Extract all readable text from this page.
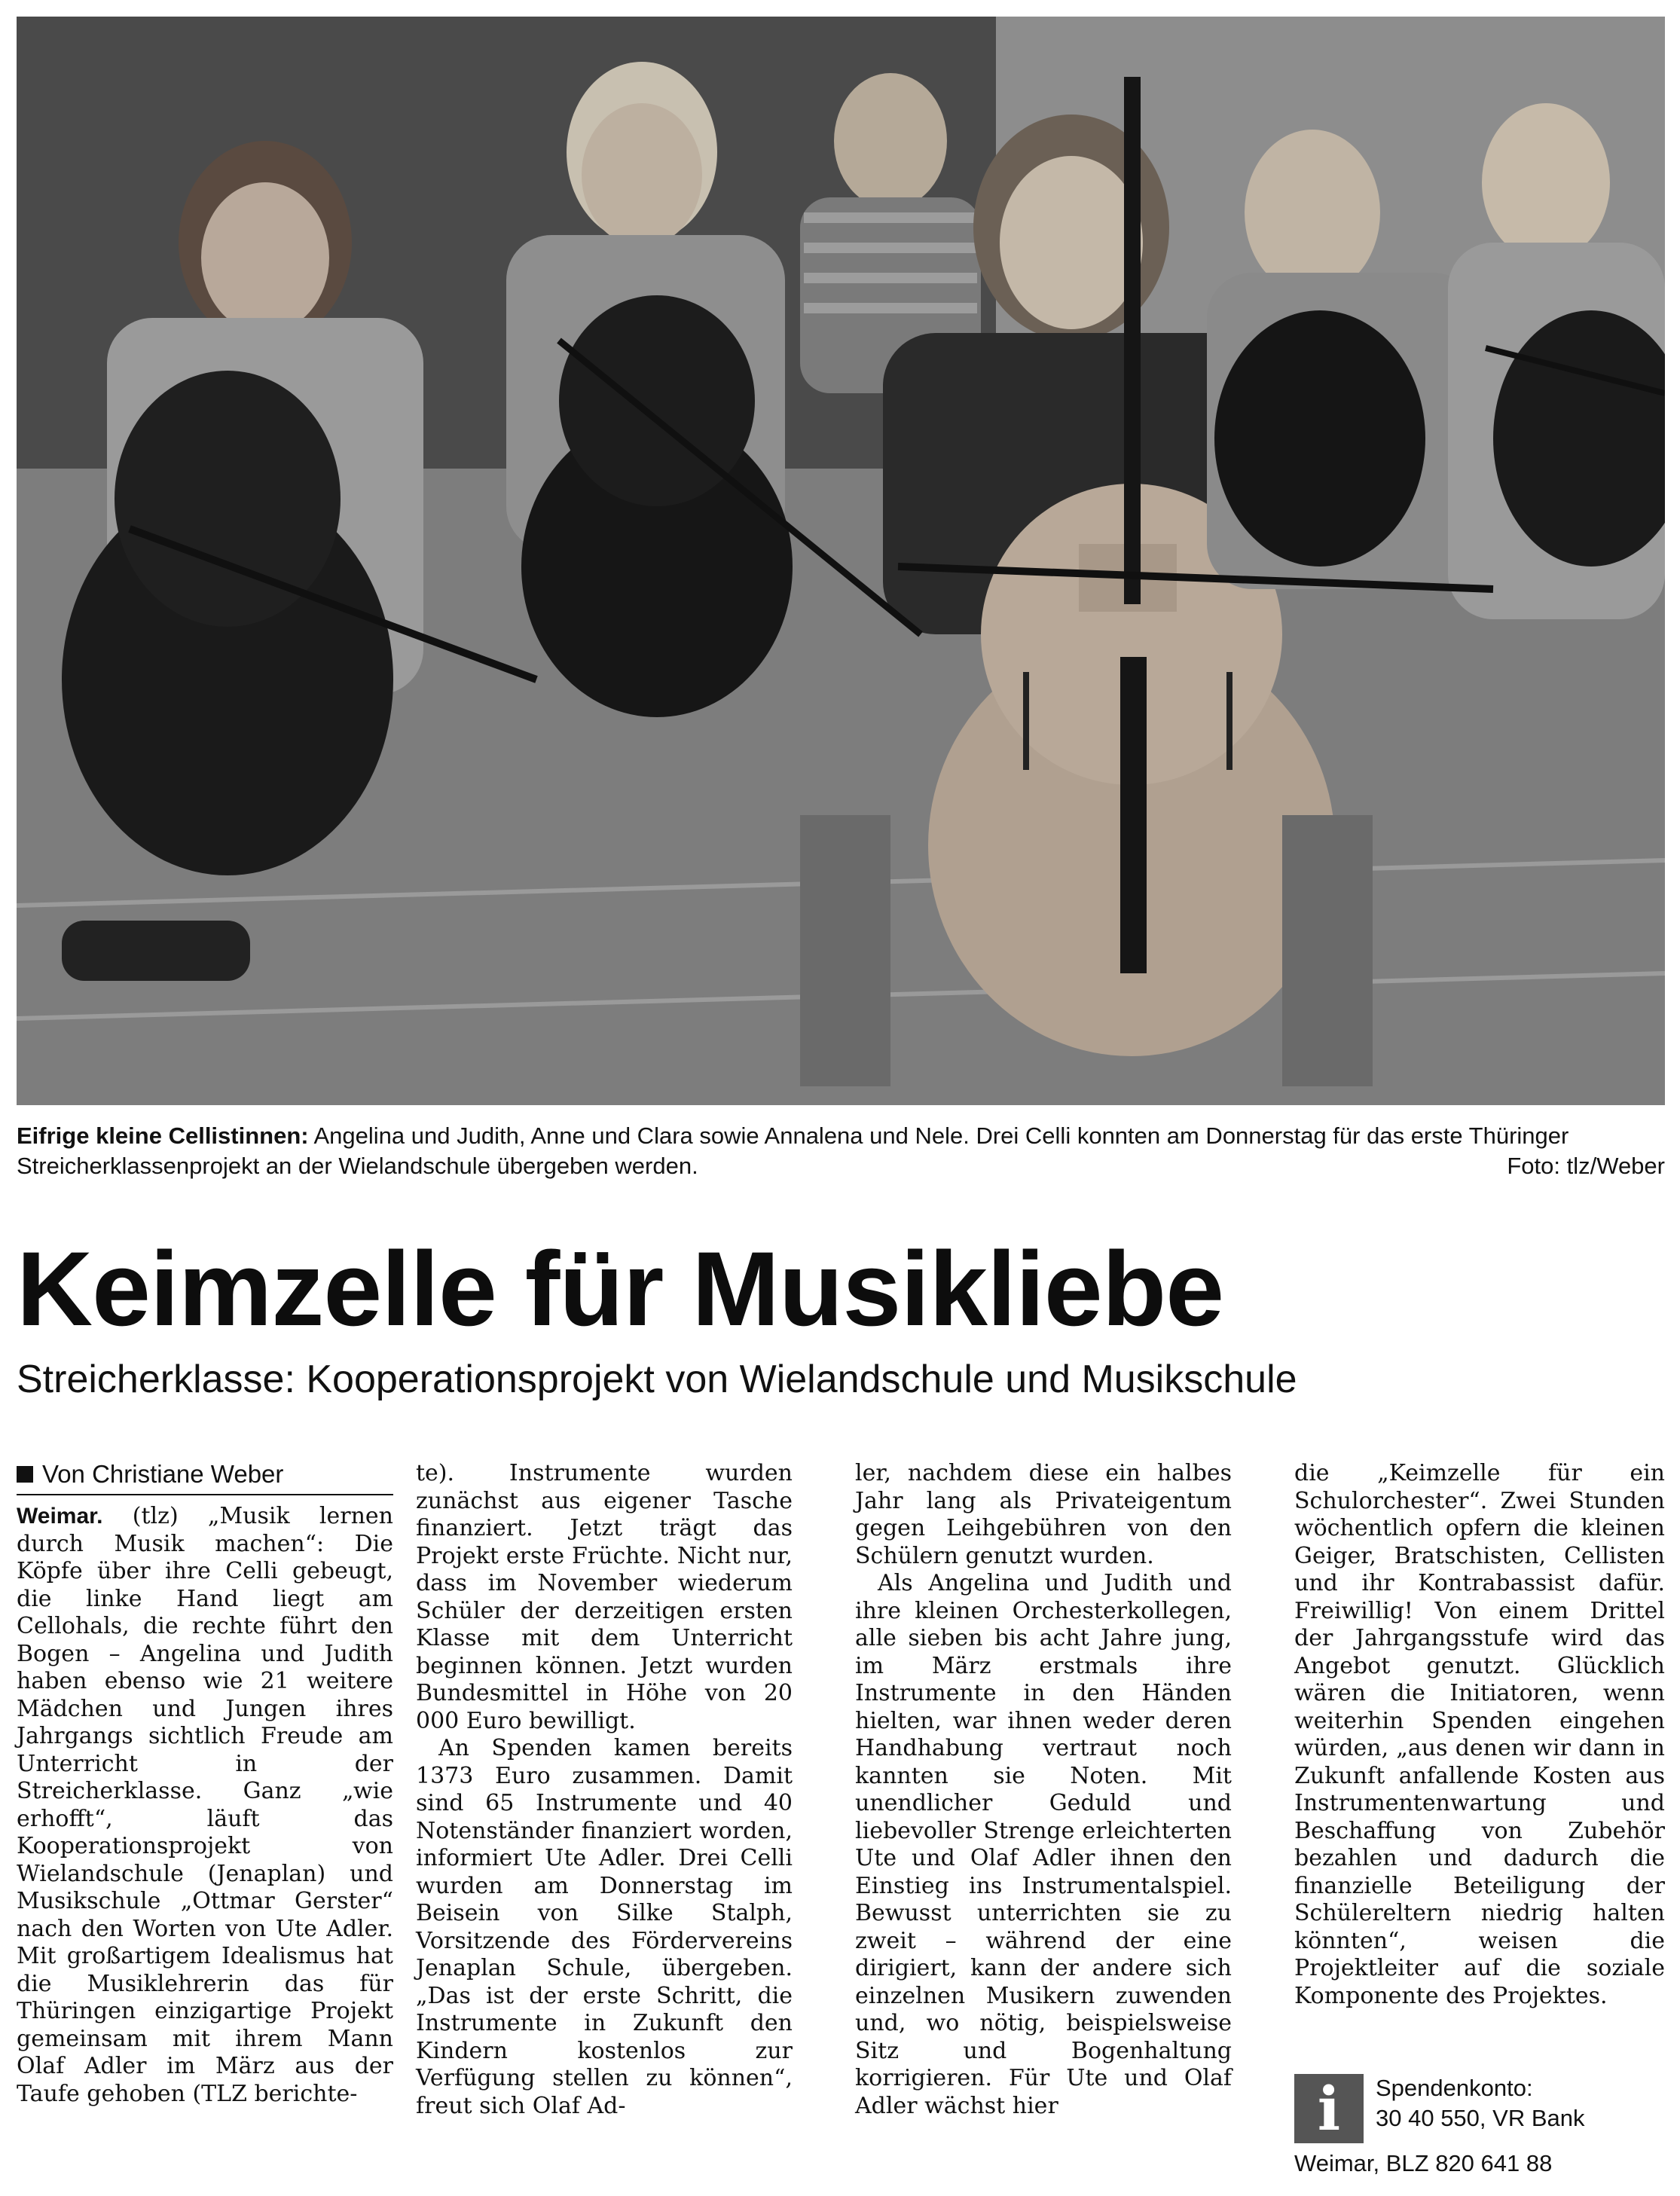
Eifrige kleine Cellistinnen: Angelina und Judith, Anne und Clara sowie Annalena und Nele. Drei Celli konnten am Donnerstag für das erste Thüringer Streicherklassenprojekt an der Wielandschule übergeben werden.	Foto: tlz/Weber
Keimzelle für Musikliebe
Streicherklasse: Kooperationsprojekt von Wielandschule und Musikschule
Von Christiane Weber

Weimar. (tlz) „Musik lernen durch Musik machen“: Die Köpfe über ihre Celli gebeugt, die linke Hand liegt am Cellohals, die rechte führt den Bogen – Angelina und Judith haben ebenso wie 21 weitere Mädchen und Jungen ihres Jahrgangs sichtlich Freude am Unterricht in der Streicherklasse. Ganz „wie erhofft“, läuft das Kooperationsprojekt von Wielandschule (Jenaplan) und Musikschule „Ottmar Gerster“ nach den Worten von Ute Adler. Mit großartigem Idealismus hat die Musiklehrerin das für Thüringen einzigartige Projekt gemeinsam mit ihrem Mann Olaf Adler im März aus der Taufe gehoben (TLZ berichte-

te). Instrumente wurden zunächst aus eigener Tasche finanziert. Jetzt trägt das Projekt erste Früchte. Nicht nur, dass im November wiederum Schüler der derzeitigen ersten Klasse mit dem Unterricht beginnen können. Jetzt wurden Bundesmittel in Höhe von 20 000 Euro bewilligt.

An Spenden kamen bereits 1373 Euro zusammen. Damit sind 65 Instrumente und 40 Notenständer finanziert worden, informiert Ute Adler. Drei Celli wurden am Donnerstag im Beisein von Silke Stalph, Vorsitzende des Fördervereins Jenaplan Schule, übergeben. „Das ist der erste Schritt, die Instrumente in Zukunft den Kindern kostenlos zur Verfügung stellen zu können“, freut sich Olaf Ad-

ler, nachdem diese ein halbes Jahr lang als Privateigentum gegen Leihgebühren von den Schülern genutzt wurden.

Als Angelina und Judith und ihre kleinen Orchesterkollegen, alle sieben bis acht Jahre jung, im März erstmals ihre Instrumente in den Händen hielten, war ihnen weder deren Handhabung vertraut noch kannten sie Noten. Mit unendlicher Geduld und liebevoller Strenge erleichterten Ute und Olaf Adler ihnen den Einstieg ins Instrumentalspiel. Bewusst unterrichten sie zu zweit – während der eine dirigiert, kann der andere sich einzelnen Musikern zuwenden und, wo nötig, beispielsweise Sitz und Bogenhaltung korrigieren. Für Ute und Olaf Adler wächst hier

die „Keimzelle für ein Schulorchester“. Zwei Stunden wöchentlich opfern die kleinen Geiger, Bratschisten, Cellisten und ihr Kontrabassist dafür. Freiwillig! Von einem Drittel der Jahrgangsstufe wird das Angebot genutzt. Glücklich wären die Initiatoren, wenn weiterhin Spenden eingehen würden, „aus denen wir dann in Zukunft anfallende Kosten aus Instrumentenwartung und Beschaffung von Zubehör bezahlen und dadurch die finanzielle Beteiligung der Schülereltern niedrig halten könnten“, weisen die Projektleiter auf die soziale Komponente des Projektes.

i	Spendenkonto:
30 40 550, VR Bank
Weimar, BLZ 820 641 88
